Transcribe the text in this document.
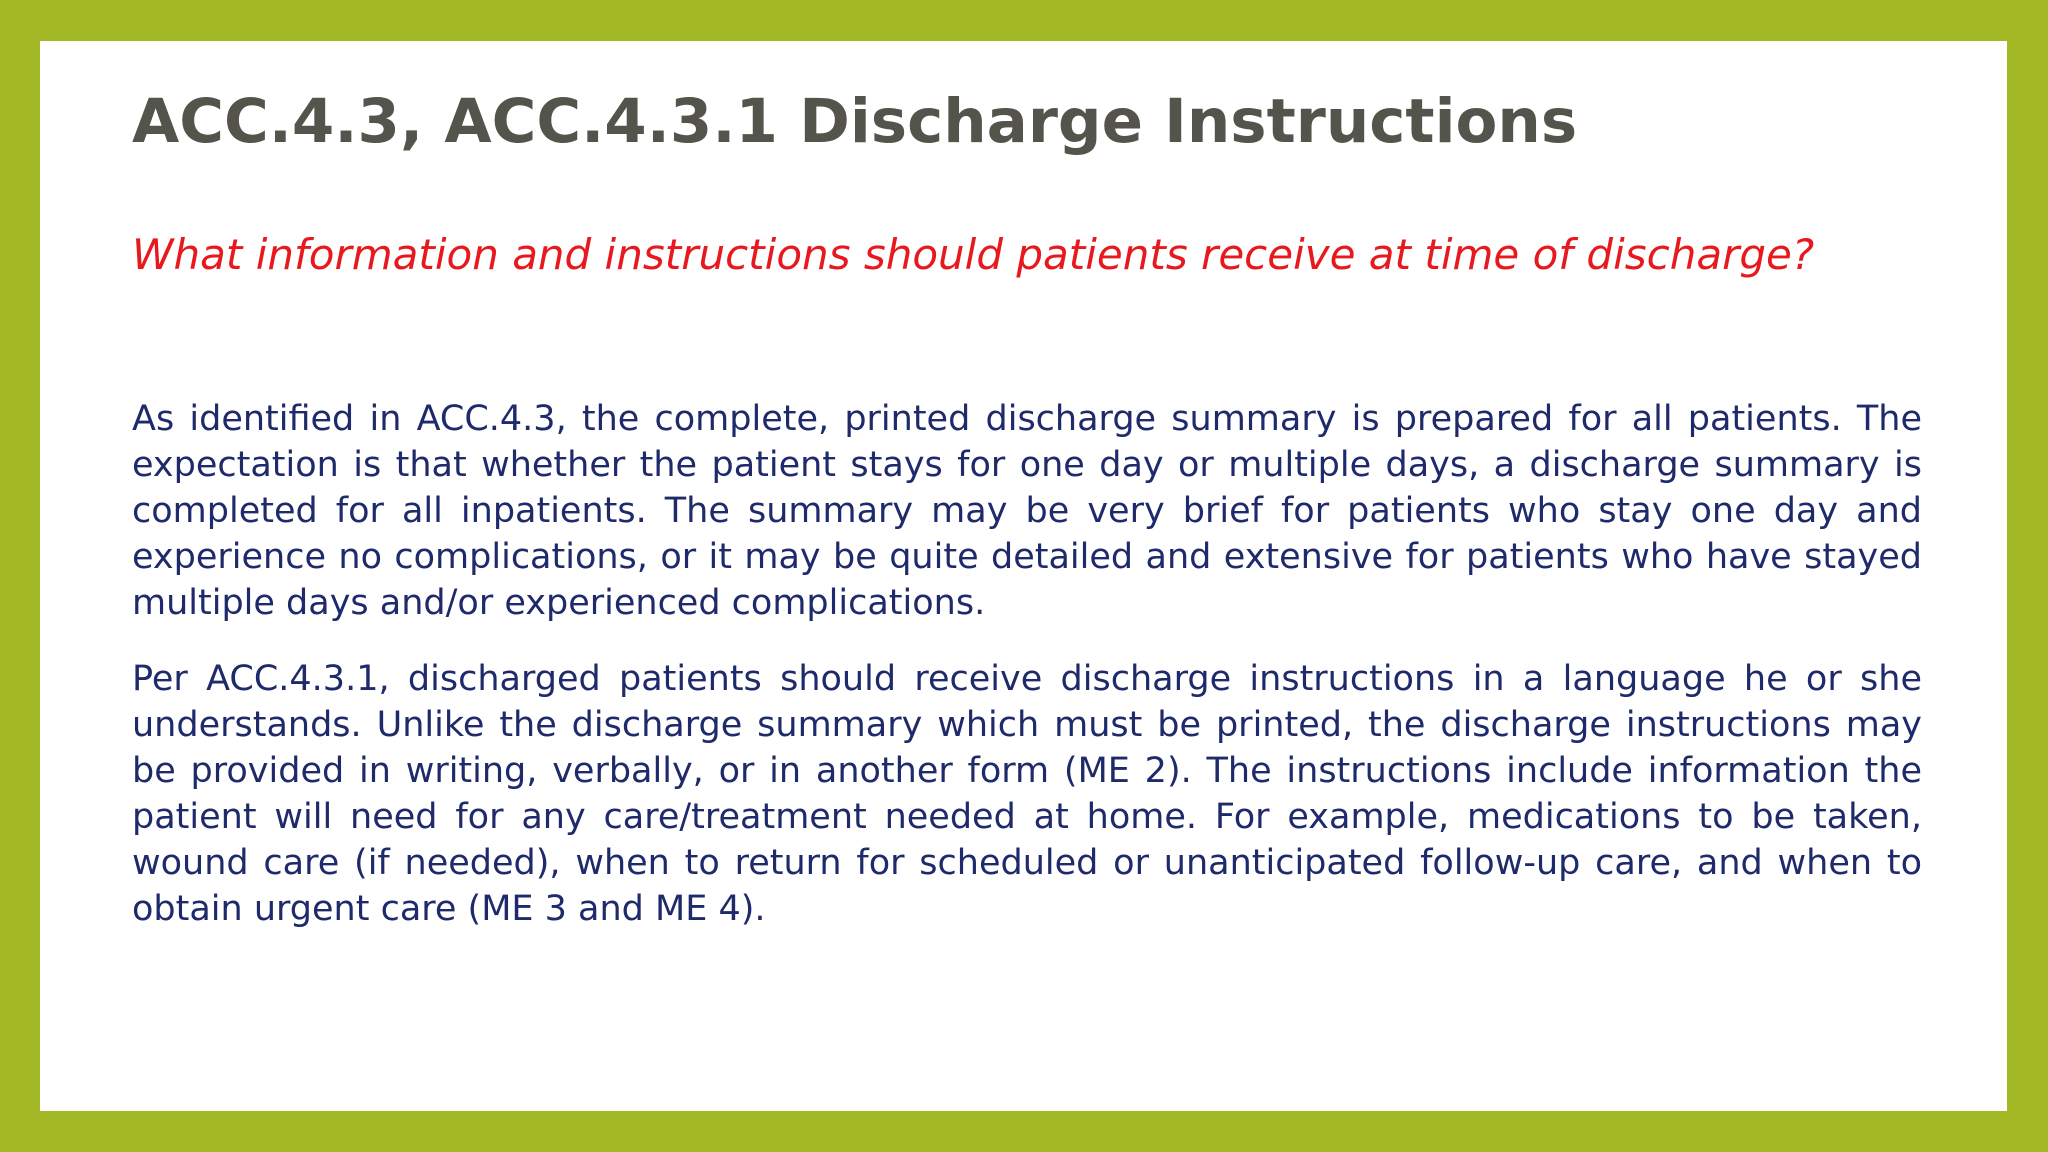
ACC.4.3, ACC.4.3.1 Discharge Instructions

What information and instructions should patients receive at time of discharge?

As identified in ACC.4.3, the complete, printed discharge summary is prepared for all patients. The expectation is that whether the patient stays for one day or multiple days, a discharge summary is completed for all inpatients. The summary may be very brief for patients who stay one day and experience no complications, or it may be quite detailed and extensive for patients who have stayed multiple days and/or experienced complications.

Per ACC.4.3.1, discharged patients should receive discharge instructions in a language he or she understands. Unlike the discharge summary which must be printed, the discharge instructions may be provided in writing, verbally, or in another form (ME 2). The instructions include information the patient will need for any care/treatment needed at home. For example, medications to be taken, wound care (if needed), when to return for scheduled or unanticipated follow-up care, and when to obtain urgent care (ME 3 and ME 4).
